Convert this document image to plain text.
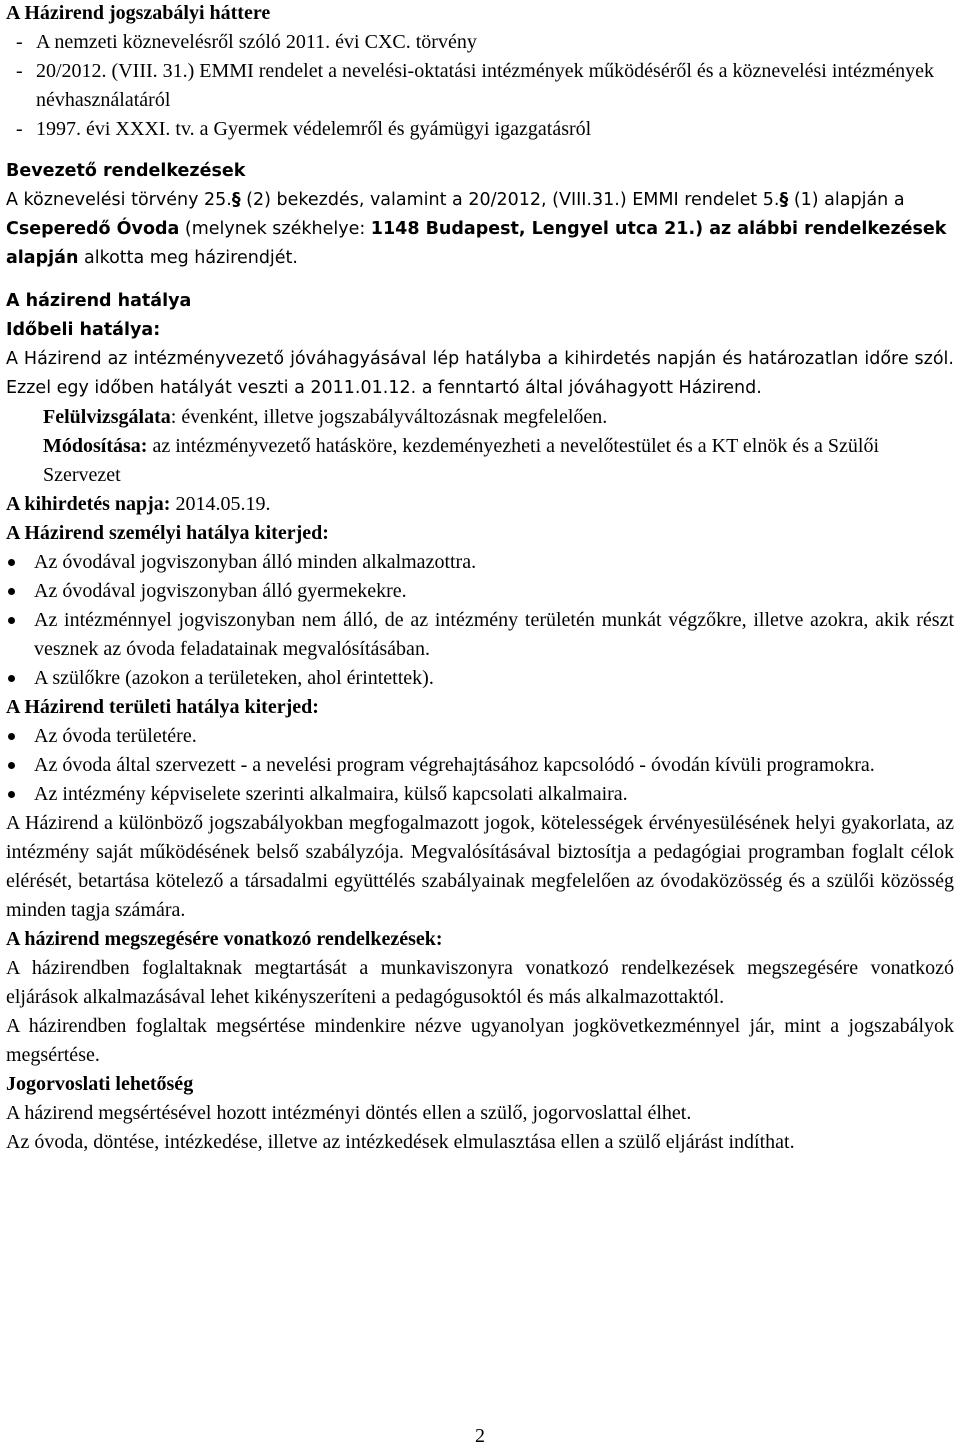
A Házirend jogszabályi háttere
- A nemzeti köznevelésről szóló 2011. évi CXC. törvény
- 20/2012. (VIII. 31.) EMMI rendelet a nevelési-oktatási intézmények működéséről és a köznevelési intézmények névhasználatáról
- 1997. évi XXXI. tv. a Gyermek védelemről és gyámügyi igazgatásról
Bevezető rendelkezések
A köznevelési törvény 25.§ (2) bekezdés, valamint a 20/2012, (VIII.31.) EMMI rendelet 5.§ (1) alapján a Cseperedő Óvoda (melynek székhelye: 1148 Budapest, Lengyel utca 21.) az alábbi rendelkezések alapján alkotta meg házirendjét.
A házirend hatálya
Időbeli hatálya:
A Házirend az intézményvezető jóváhagyásával lép hatályba a kihirdetés napján és határozatlan időre szól. Ezzel egy időben hatályát veszti a 2011.01.12. a fenntartó által jóváhagyott Házirend.
Felülvizsgálata: évenként, illetve jogszabályváltozásnak megfelelően.
Módosítása: az intézményvezető hatásköre, kezdeményezheti a nevelőtestület és a KT elnök és a Szülői Szervezet
A kihirdetés napja: 2014.05.19.
A Házirend személyi hatálya kiterjed:
Az óvodával jogviszonyban álló minden alkalmazottra.
Az óvodával jogviszonyban álló gyermekekre.
Az intézménnyel jogviszonyban nem álló, de az intézmény területén munkát végzőkre, illetve azokra, akik részt vesznek az óvoda feladatainak megvalósításában.
A szülőkre (azokon a területeken, ahol érintettek).
A Házirend területi hatálya kiterjed:
Az óvoda területére.
Az óvoda által szervezett - a nevelési program végrehajtásához kapcsolódó - óvodán kívüli programokra.
Az intézmény képviselete szerinti alkalmaira, külső kapcsolati alkalmaira.
A Házirend a különböző jogszabályokban megfogalmazott jogok, kötelességek érvényesülésének helyi gyakorlata, az intézmény saját működésének belső szabályzója. Megvalósításával biztosítja a pedagógiai programban foglalt célok elérését, betartása kötelező a társadalmi együttélés szabályainak megfelelően az óvodaközösség és a szülői közösség minden tagja számára.
A házirend megszegésére vonatkozó rendelkezések:
A házirendben foglaltaknak megtartását a munkaviszonyra vonatkozó rendelkezések megszegésére vonatkozó eljárások alkalmazásával lehet kikényszeríteni a pedagógusoktól és más alkalmazottaktól.
A házirendben foglaltak megsértése mindenkire nézve ugyanolyan jogkövetkezménnyel jár, mint a jogszabályok megsértése.
Jogorvoslati lehetőség
A házirend megsértésével hozott intézményi döntés ellen a szülő, jogorvoslattal élhet.
Az óvoda, döntése, intézkedése, illetve az intézkedések elmulasztása ellen a szülő eljárást indíthat.
2
